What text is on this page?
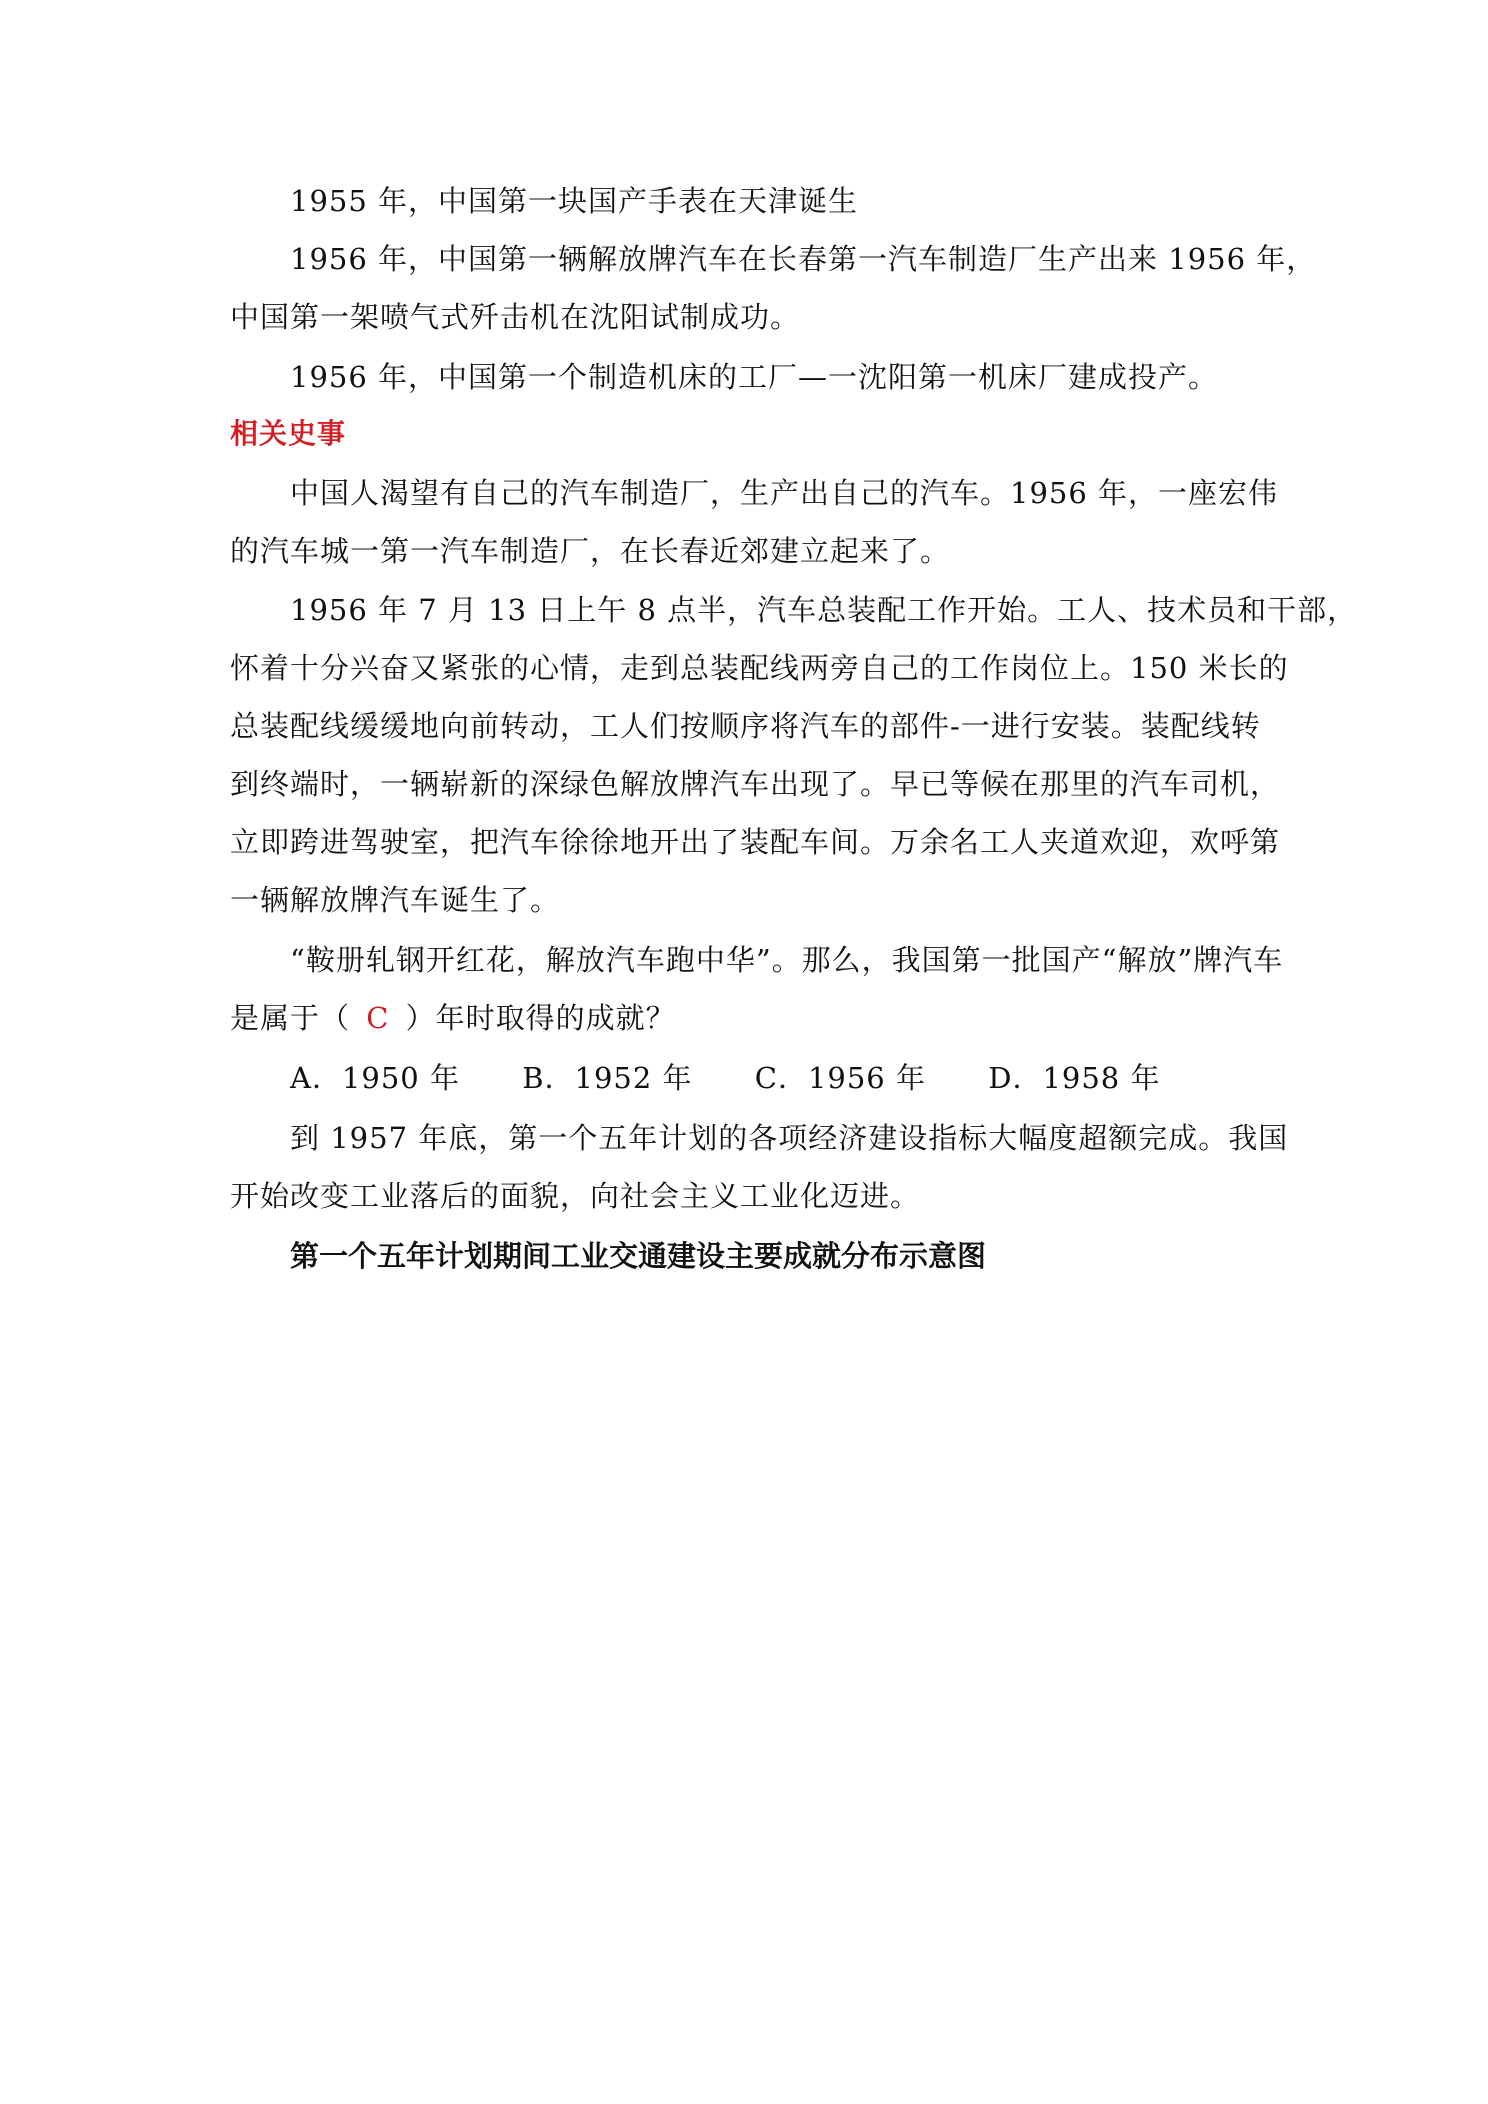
1955 年，中国第一块国产手表在天津诞生
1956 年，中国第一辆解放牌汽车在长春第一汽车制造厂生产出来 1956 年，
中国第一架喷气式歼击机在沈阳试制成功。
1956 年，中国第一个制造机床的工厂—一沈阳第一机床厂建成投产。
相关史事
中国人渴望有自己的汽车制造厂，生产出自己的汽车。1956 年，一座宏伟
的汽车城一第一汽车制造厂，在长春近郊建立起来了。
1956 年 7 月 13 日上午 8 点半，汽车总装配工作开始。工人、技术员和干部，
怀着十分兴奋又紧张的心情，走到总装配线两旁自己的工作岗位上。150 米长的
总装配线缓缓地向前转动，工人们按顺序将汽车的部件-一进行安装。装配线转
到终端时，一辆崭新的深绿色解放牌汽车出现了。早已等候在那里的汽车司机，
立即跨进驾驶室，把汽车徐徐地开出了装配车间。万余名工人夹道欢迎，欢呼第
一辆解放牌汽车诞生了。
“鞍册轧钢开红花，解放汽车跑中华”。那么，我国第一批国产“解放”牌汽车
是属于（ C ）年时取得的成就？
A．1950 年 B．1952 年 C．1956 年 D．1958 年
到 1957 年底，第一个五年计划的各项经济建设指标大幅度超额完成。我国
开始改变工业落后的面貌，向社会主义工业化迈进。
第一个五年计划期间工业交通建设主要成就分布示意图
